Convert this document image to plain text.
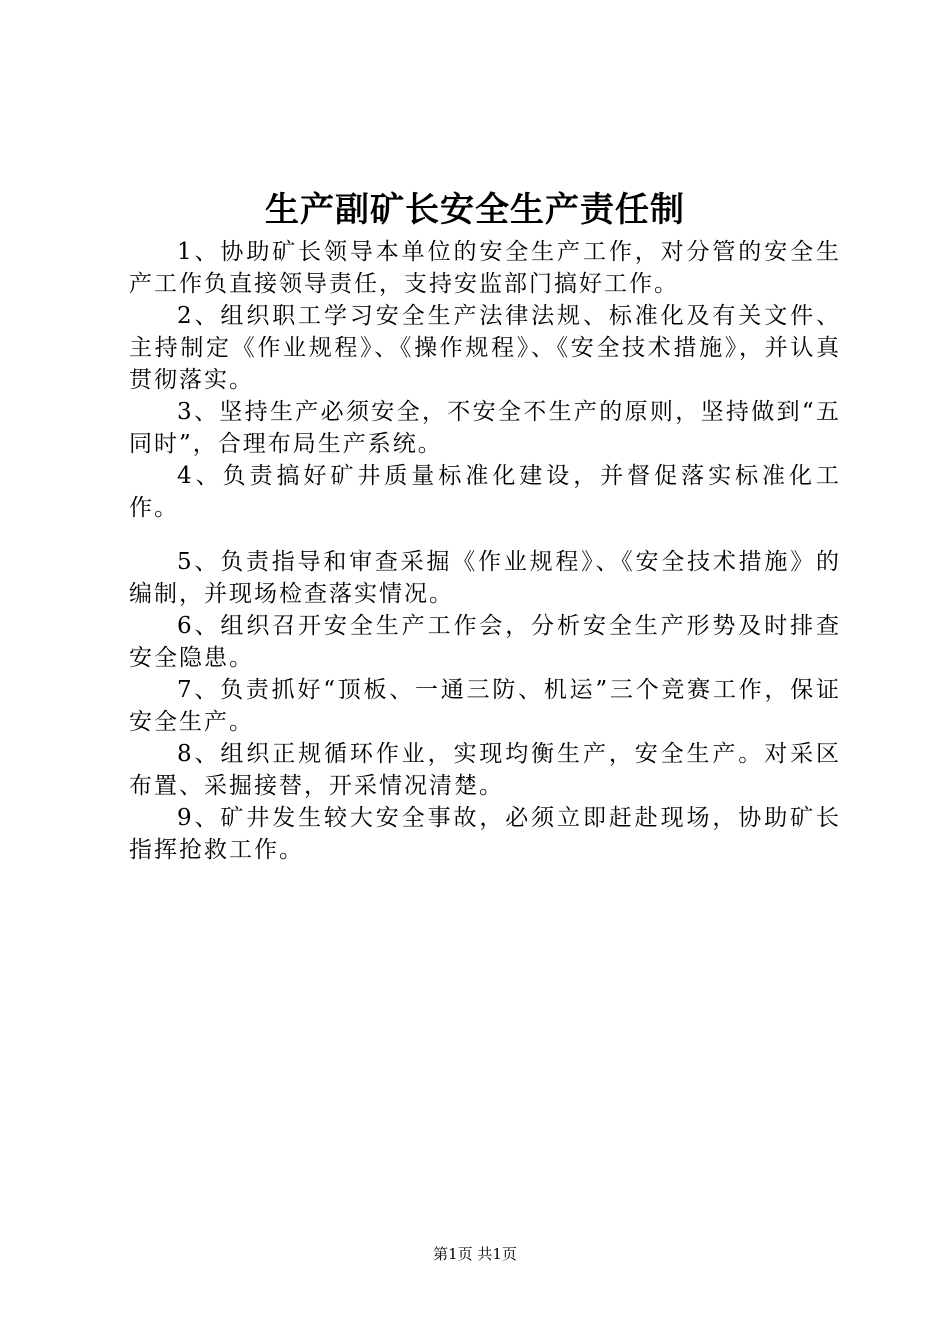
生产副矿长安全生产责任制

1、协助矿长领导本单位的安全生产工作，对分管的安全生产工作负直接领导责任，支持安监部门搞好工作。

2、组织职工学习安全生产法律法规、标准化及有关文件、主持制定《作业规程》、《操作规程》、《安全技术措施》，并认真贯彻落实。

3、坚持生产必须安全，不安全不生产的原则，坚持做到“五同时”，合理布局生产系统。

4、负责搞好矿井质量标准化建设，并督促落实标准化工作。

5、负责指导和审查采掘《作业规程》、《安全技术措施》的编制，并现场检查落实情况。

6、组织召开安全生产工作会，分析安全生产形势及时排查安全隐患。

7、负责抓好“顶板、一通三防、机运”三个竞赛工作，保证安全生产。

8、组织正规循环作业，实现均衡生产，安全生产。对采区布置、采掘接替，开采情况清楚。

9、矿井发生较大安全事故，必须立即赶赴现场，协助矿长指挥抢救工作。

第1页 共1页
